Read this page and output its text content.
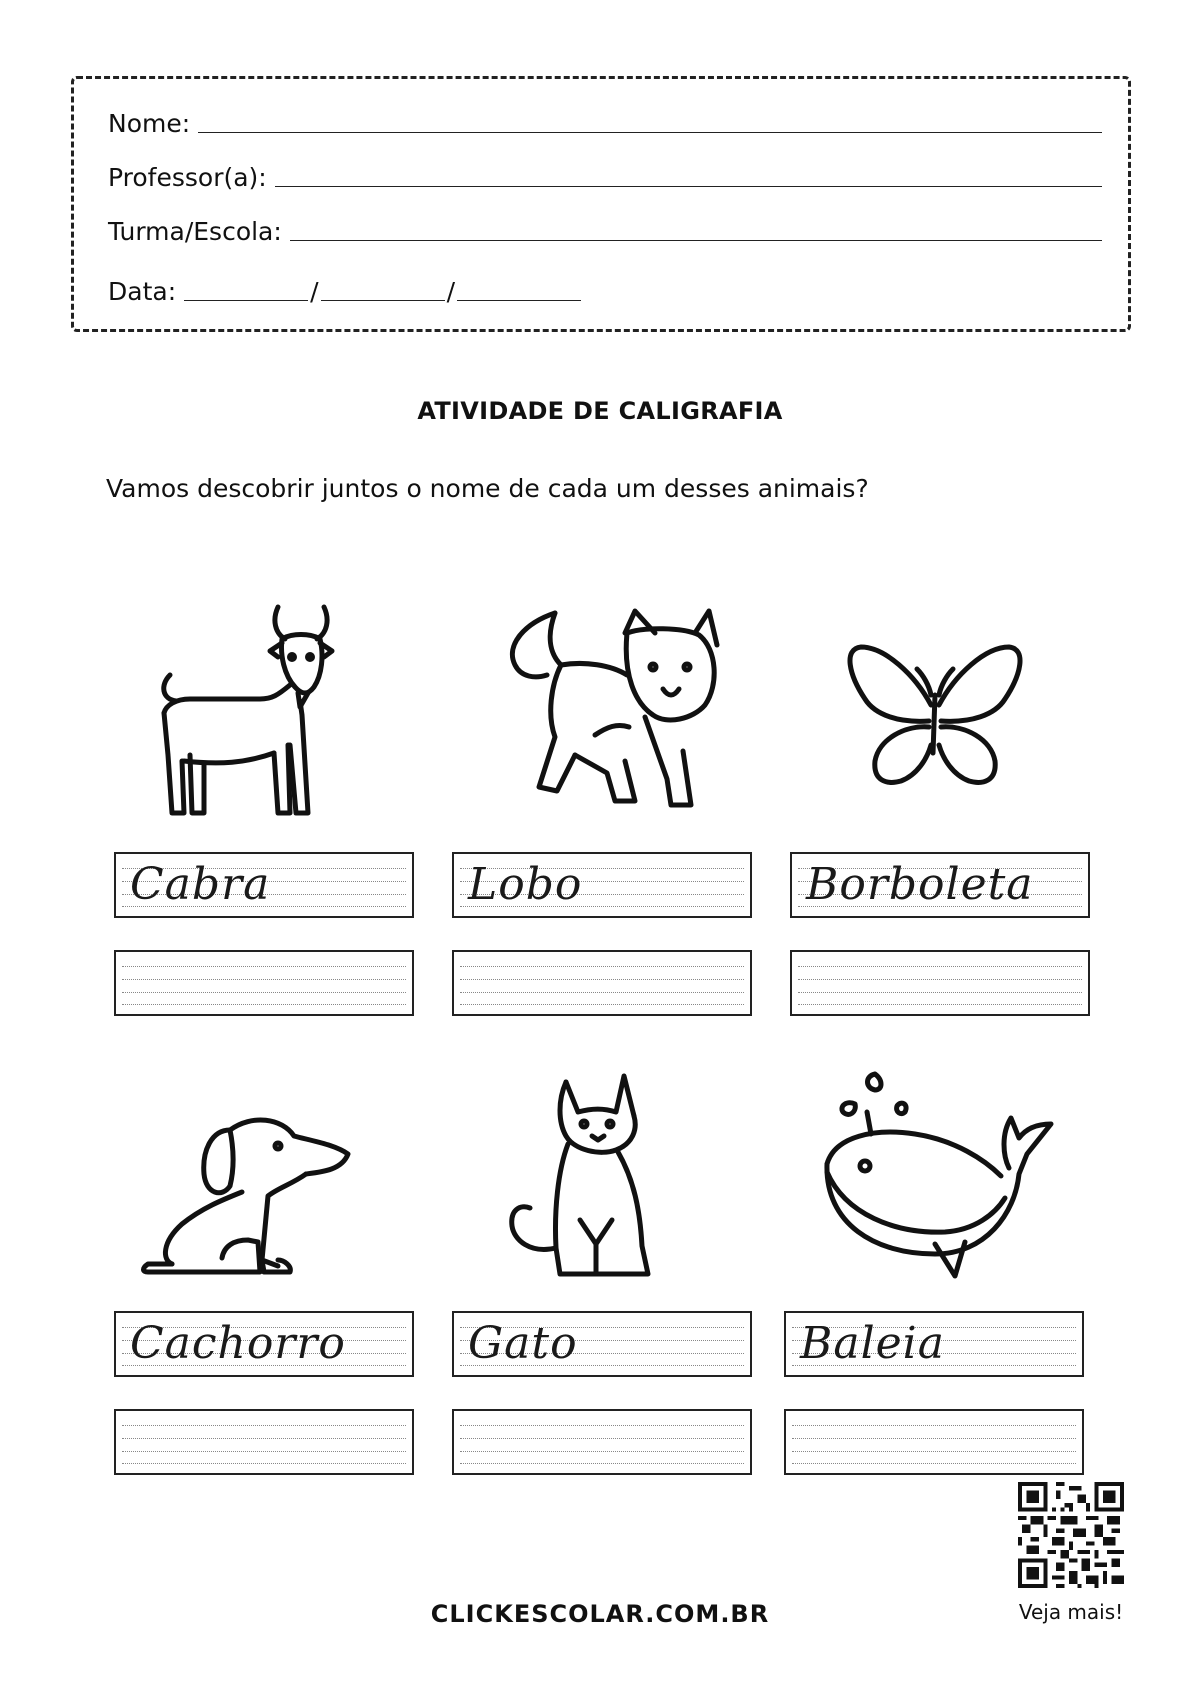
Nome:
Professor(a):
Turma/Escola:
Data:	/	/
ATIVIDADE DE CALIGRAFIA
Vamos descobrir juntos o nome de cada um desses animais?
Cabra	Lobo	Borboleta
Cachorro	Gato	Baleia
Veja mais!
CLICKESCOLAR.COM.BR
